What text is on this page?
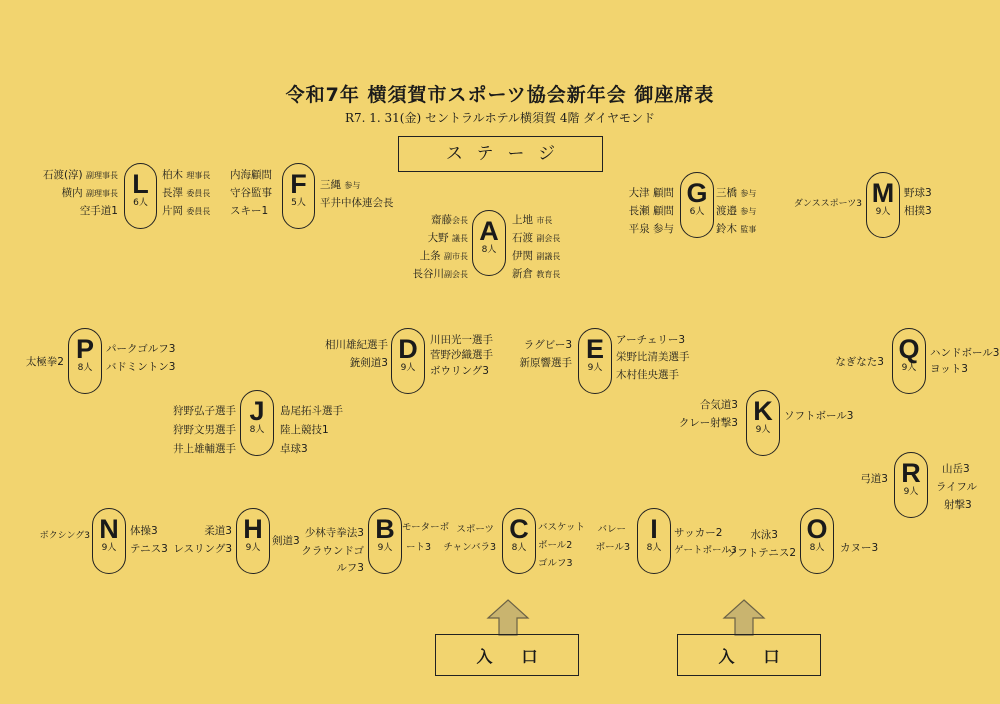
令和7年 横須賀市スポーツ協会新年会 御座席表
R7. 1. 31(金) セントラルホテル横須賀 4階 ダイヤモンド
ステージ
L
6人
F
5人
A
8人
G
6人
M
9人
P
8人
D
9人
E
9人
Q
9人
J
8人
K
9人
R
9人
N
9人
H
9人
B
9人
C
8人
I
8人
O
8人
石渡(淳) 副理事長
横内 副理事長
空手道1
柏木 理事長
長澤 委員長
片岡 委員長
内海顧問
守谷監事
スキー1
三縄 参与
平井中体連会長
齋藤会長
大野 議長
上条 副市長
長谷川副会長
上地 市長
石渡 副会長
伊関 副議長
新倉 教育長
大津 顧問
長瀬 顧問
平泉 参与
三橋 参与
渡邉 参与
鈴木 監事
ダンススポーツ3
野球3
相撲3
太極拳2
パークゴルフ3
バドミントン3
相川雄紀選手
銃剣道3
川田光一選手
菅野沙織選手
ボウリング3
ラグビー3
新原響選手
アーチェリー3
栄野比清美選手
木村佳央選手
なぎなた3
ハンドボール3
ヨット3
狩野弘子選手
狩野文男選手
井上雄輔選手
島尾拓斗選手
陸上競技1
卓球3
合気道3
クレー射撃3
ソフトボール3
弓道3
山岳3
ライフル
射撃3
ボクシング3	体操3
テニス3
柔道3
レスリング3
剣道3
少林寺拳法3
クラウンドゴ
ルフ3
モーターボ
ート3
スポーツ
チャンバラ3
バスケット
ボール2
ゴルフ3
バレー
ボール3
サッカー2
ゲートボール3
水泳3
ソフトテニス2	カヌー3
入 口	入 口
